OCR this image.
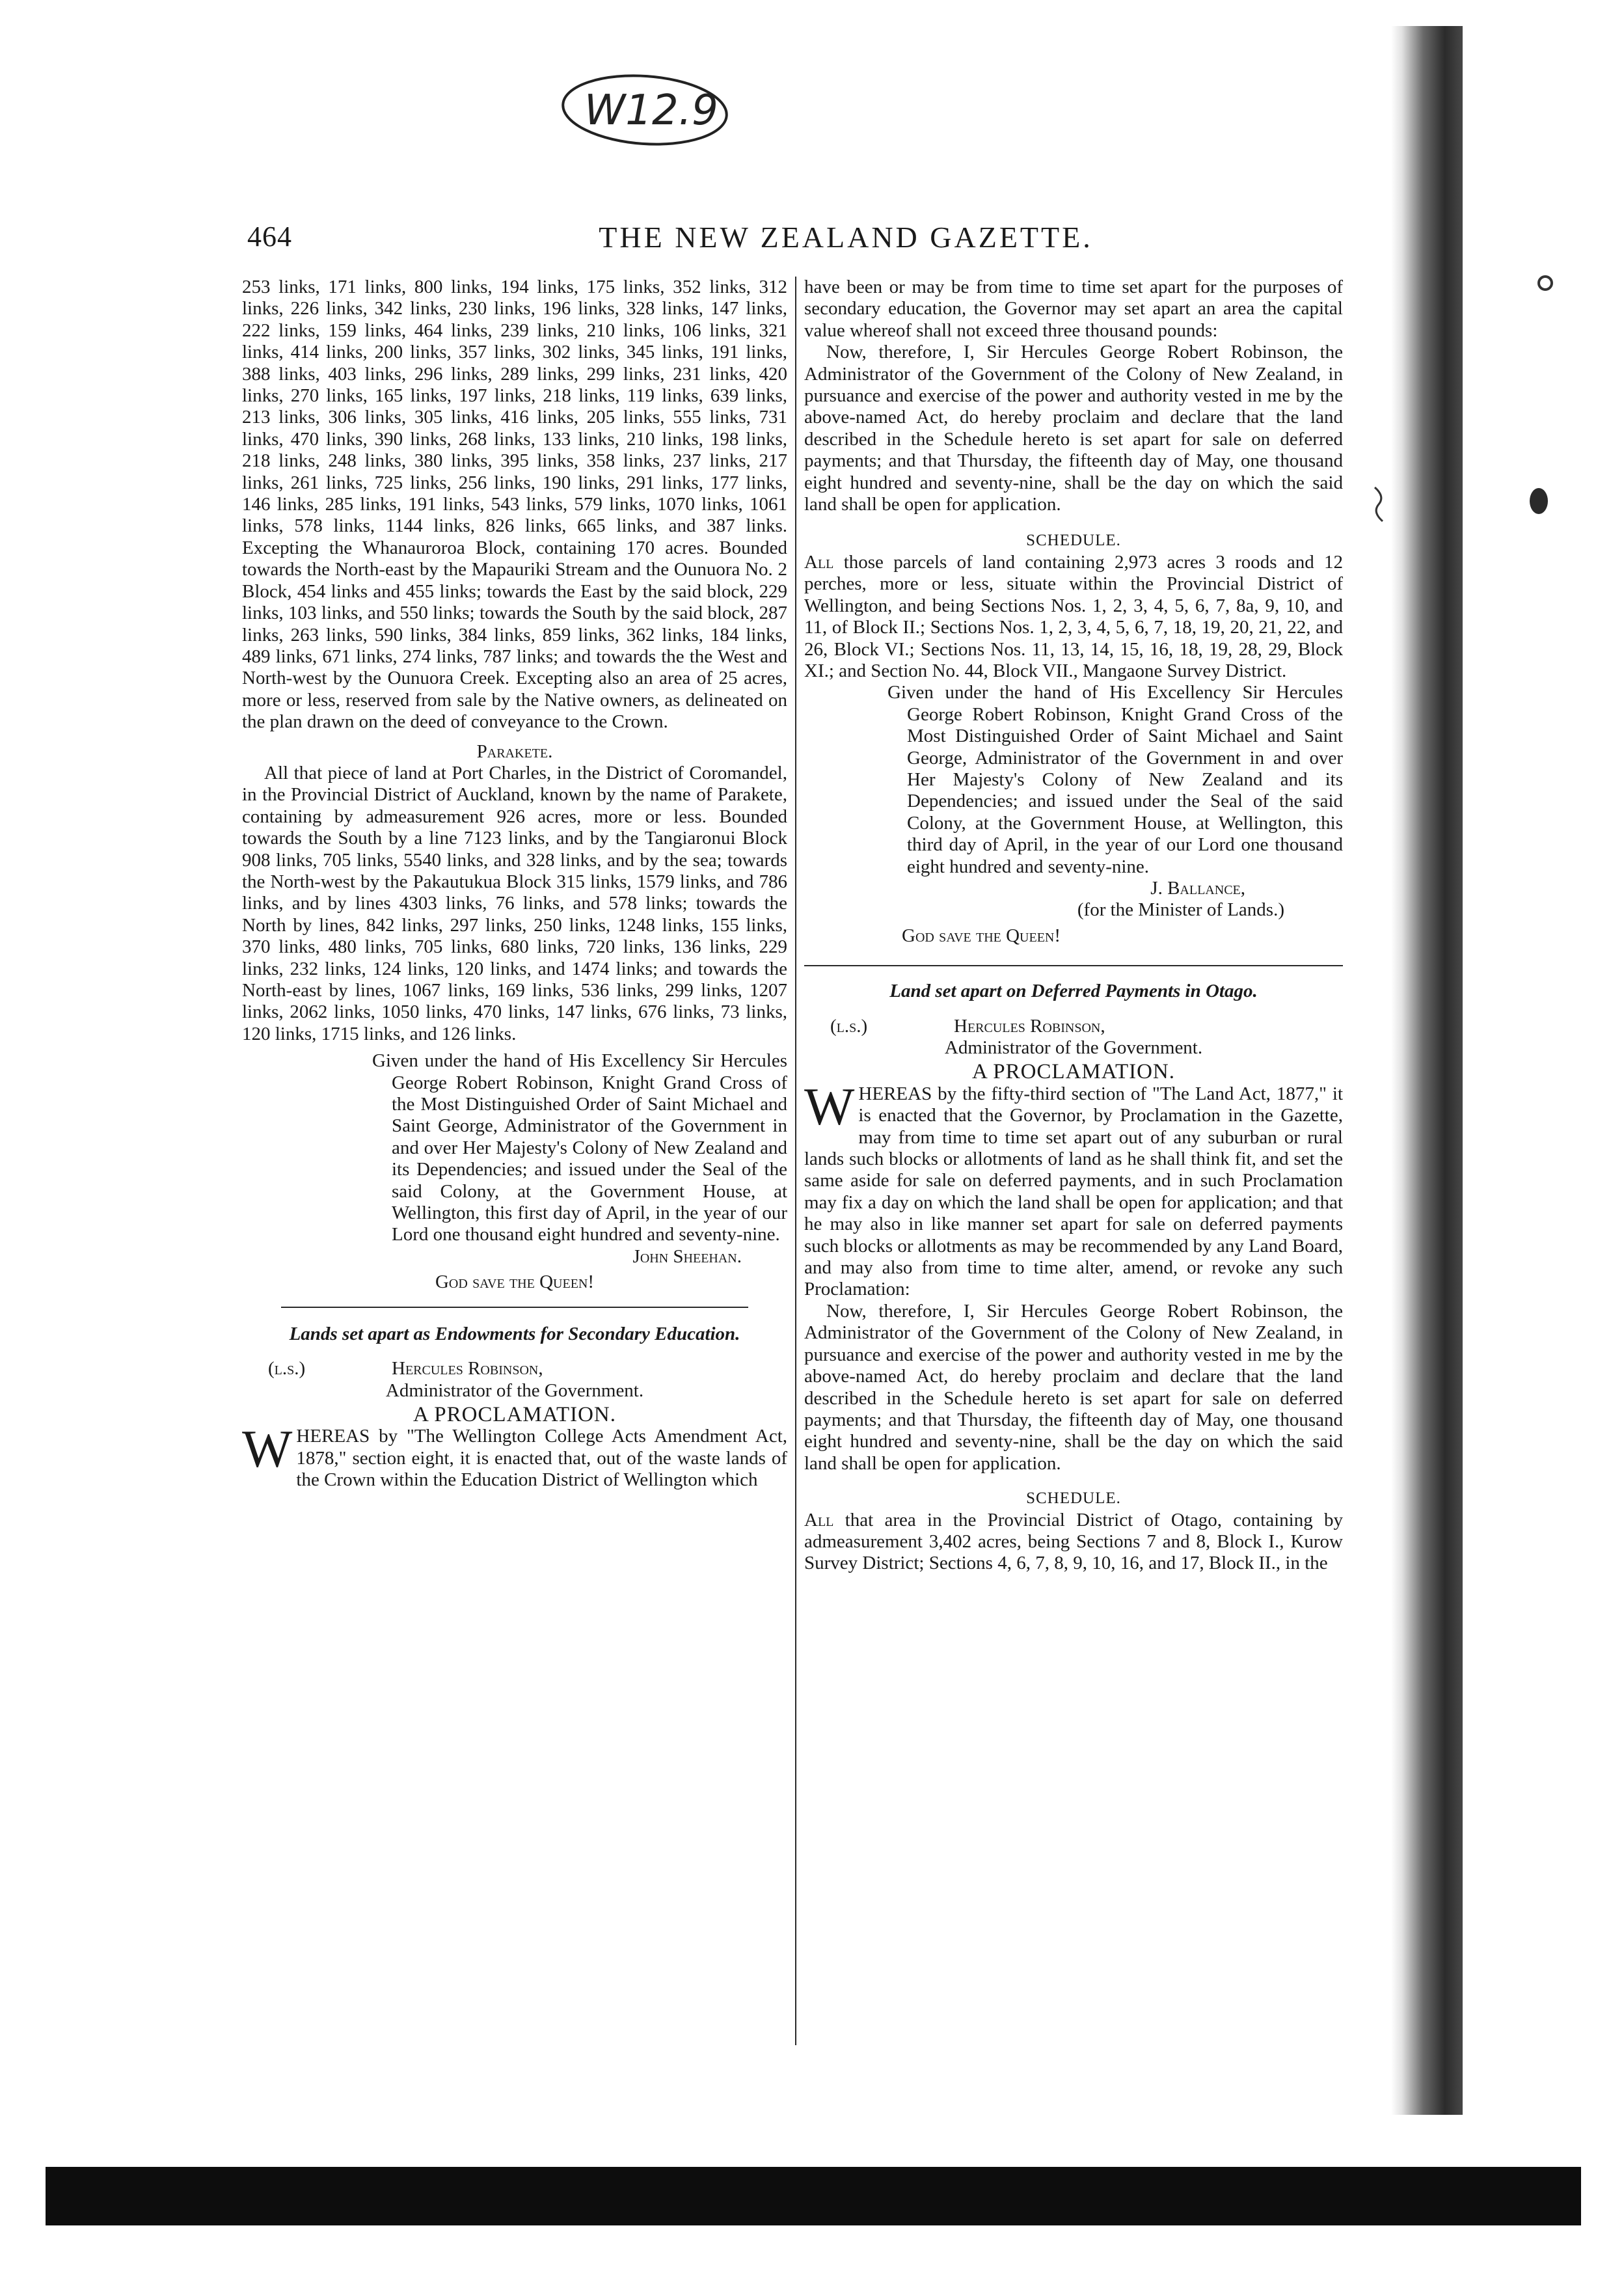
W12.9
464	THE NEW ZEALAND GAZETTE.

253 links, 171 links, 800 links, 194 links, 175 links, 352 links, 312 links, 226 links, 342 links, 230 links, 196 links, 328 links, 147 links, 222 links, 159 links, 464 links, 239 links, 210 links, 106 links, 321 links, 414 links, 200 links, 357 links, 302 links, 345 links, 191 links, 388 links, 403 links, 296 links, 289 links, 299 links, 231 links, 420 links, 270 links, 165 links, 197 links, 218 links, 119 links, 639 links, 213 links, 306 links, 305 links, 416 links, 205 links, 555 links, 731 links, 470 links, 390 links, 268 links, 133 links, 210 links, 198 links, 218 links, 248 links, 380 links, 395 links, 358 links, 237 links, 217 links, 261 links, 725 links, 256 links, 190 links, 291 links, 177 links, 146 links, 285 links, 191 links, 543 links, 579 links, 1070 links, 1061 links, 578 links, 1144 links, 826 links, 665 links, and 387 links. Excepting the Whanauroroa Block, containing 170 acres. Bounded towards the North-east by the Mapauriki Stream and the Ounuora No. 2 Block, 454 links and 455 links; towards the East by the said block, 229 links, 103 links, and 550 links; towards the South by the said block, 287 links, 263 links, 590 links, 384 links, 859 links, 362 links, 184 links, 489 links, 671 links, 274 links, 787 links; and towards the the West and North-west by the Ounuora Creek. Excepting also an area of 25 acres, more or less, reserved from sale by the Native owners, as delineated on the plan drawn on the deed of conveyance to the Crown.

Parakete.

All that piece of land at Port Charles, in the District of Coromandel, in the Provincial District of Auckland, known by the name of Parakete, containing by admeasurement 926 acres, more or less. Bounded towards the South by a line 7123 links, and by the Tangiaronui Block 908 links, 705 links, 5540 links, and 328 links, and by the sea; towards the North-west by the Pakautukua Block 315 links, 1579 links, and 786 links, and by lines 4303 links, 76 links, and 578 links; towards the North by lines, 842 links, 297 links, 250 links, 1248 links, 155 links, 370 links, 480 links, 705 links, 680 links, 720 links, 136 links, 229 links, 232 links, 124 links, 120 links, and 1474 links; and towards the North-east by lines, 1067 links, 169 links, 536 links, 299 links, 1207 links, 2062 links, 1050 links, 470 links, 147 links, 676 links, 73 links, 120 links, 1715 links, and 126 links.

Given under the hand of His Excellency Sir Hercules George Robert Robinson, Knight Grand Cross of the Most Distinguished Order of Saint Michael and Saint George, Administrator of the Government in and over Her Majesty's Colony of New Zealand and its Dependencies; and issued under the Seal of the said Colony, at the Government House, at Wellington, this first day of April, in the year of our Lord one thousand eight hundred and seventy-nine.

John Sheehan.

God save the Queen!

Lands set apart as Endowments for Secondary Education.

(l.s.)	Hercules Robinson,

Administrator of the Government.

A PROCLAMATION.

WHEREAS by "The Wellington College Acts Amendment Act, 1878," section eight, it is enacted that, out of the waste lands of the Crown within the Education District of Wellington which

have been or may be from time to time set apart for the purposes of secondary education, the Governor may set apart an area the capital value whereof shall not exceed three thousand pounds:

Now, therefore, I, Sir Hercules George Robert Robinson, the Administrator of the Government of the Colony of New Zealand, in pursuance and exercise of the power and authority vested in me by the above-named Act, do hereby proclaim and declare that the land described in the Schedule hereto is set apart for sale on deferred payments; and that Thursday, the fifteenth day of May, one thousand eight hundred and seventy-nine, shall be the day on which the said land shall be open for application.

SCHEDULE.

All those parcels of land containing 2,973 acres 3 roods and 12 perches, more or less, situate within the Provincial District of Wellington, and being Sections Nos. 1, 2, 3, 4, 5, 6, 7, 8a, 9, 10, and 11, of Block II.; Sections Nos. 1, 2, 3, 4, 5, 6, 7, 18, 19, 20, 21, 22, and 26, Block VI.; Sections Nos. 11, 13, 14, 15, 16, 18, 19, 28, 29, Block XI.; and Section No. 44, Block VII., Mangaone Survey District.

Given under the hand of His Excellency Sir Hercules George Robert Robinson, Knight Grand Cross of the Most Distinguished Order of Saint Michael and Saint George, Administrator of the Government in and over Her Majesty's Colony of New Zealand and its Dependencies; and issued under the Seal of the said Colony, at the Government House, at Wellington, this third day of April, in the year of our Lord one thousand eight hundred and seventy-nine.

J. Ballance,

(for the Minister of Lands.)

God save the Queen!

Land set apart on Deferred Payments in Otago.

(l.s.)	Hercules Robinson,

Administrator of the Government.

A PROCLAMATION.

WHEREAS by the fifty-third section of "The Land Act, 1877," it is enacted that the Governor, by Proclamation in the Gazette, may from time to time set apart out of any suburban or rural lands such blocks or allotments of land as he shall think fit, and set the same aside for sale on deferred payments, and in such Proclamation may fix a day on which the land shall be open for application; and that he may also in like manner set apart for sale on deferred payments such blocks or allotments as may be recommended by any Land Board, and may also from time to time alter, amend, or revoke any such Proclamation:

Now, therefore, I, Sir Hercules George Robert Robinson, the Administrator of the Government of the Colony of New Zealand, in pursuance and exercise of the power and authority vested in me by the above-named Act, do hereby proclaim and declare that the land described in the Schedule hereto is set apart for sale on deferred payments; and that Thursday, the fifteenth day of May, one thousand eight hundred and seventy-nine, shall be the day on which the said land shall be open for application.

SCHEDULE.

All that area in the Provincial District of Otago, containing by admeasurement 3,402 acres, being Sections 7 and 8, Block I., Kurow Survey District; Sections 4, 6, 7, 8, 9, 10, 16, and 17, Block II., in the
